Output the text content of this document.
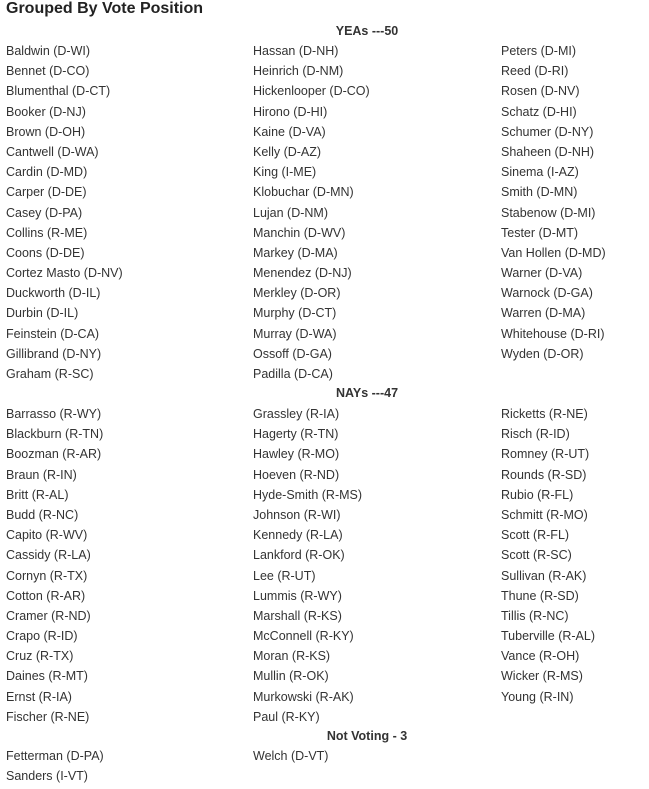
Grouped By Vote Position
YEAs ---50
Baldwin (D-WI)
Bennet (D-CO)
Blumenthal (D-CT)
Booker (D-NJ)
Brown (D-OH)
Cantwell (D-WA)
Cardin (D-MD)
Carper (D-DE)
Casey (D-PA)
Collins (R-ME)
Coons (D-DE)
Cortez Masto (D-NV)
Duckworth (D-IL)
Durbin (D-IL)
Feinstein (D-CA)
Gillibrand (D-NY)
Graham (R-SC)
Hassan (D-NH)
Heinrich (D-NM)
Hickenlooper (D-CO)
Hirono (D-HI)
Kaine (D-VA)
Kelly (D-AZ)
King (I-ME)
Klobuchar (D-MN)
Lujan (D-NM)
Manchin (D-WV)
Markey (D-MA)
Menendez (D-NJ)
Merkley (D-OR)
Murphy (D-CT)
Murray (D-WA)
Ossoff (D-GA)
Padilla (D-CA)
Peters (D-MI)
Reed (D-RI)
Rosen (D-NV)
Schatz (D-HI)
Schumer (D-NY)
Shaheen (D-NH)
Sinema (I-AZ)
Smith (D-MN)
Stabenow (D-MI)
Tester (D-MT)
Van Hollen (D-MD)
Warner (D-VA)
Warnock (D-GA)
Warren (D-MA)
Whitehouse (D-RI)
Wyden (D-OR)
NAYs ---47
Barrasso (R-WY)
Blackburn (R-TN)
Boozman (R-AR)
Braun (R-IN)
Britt (R-AL)
Budd (R-NC)
Capito (R-WV)
Cassidy (R-LA)
Cornyn (R-TX)
Cotton (R-AR)
Cramer (R-ND)
Crapo (R-ID)
Cruz (R-TX)
Daines (R-MT)
Ernst (R-IA)
Fischer (R-NE)
Grassley (R-IA)
Hagerty (R-TN)
Hawley (R-MO)
Hoeven (R-ND)
Hyde-Smith (R-MS)
Johnson (R-WI)
Kennedy (R-LA)
Lankford (R-OK)
Lee (R-UT)
Lummis (R-WY)
Marshall (R-KS)
McConnell (R-KY)
Moran (R-KS)
Mullin (R-OK)
Murkowski (R-AK)
Paul (R-KY)
Ricketts (R-NE)
Risch (R-ID)
Romney (R-UT)
Rounds (R-SD)
Rubio (R-FL)
Schmitt (R-MO)
Scott (R-FL)
Scott (R-SC)
Sullivan (R-AK)
Thune (R-SD)
Tillis (R-NC)
Tuberville (R-AL)
Vance (R-OH)
Wicker (R-MS)
Young (R-IN)
Not Voting - 3
Fetterman (D-PA)
Sanders (I-VT)
Welch (D-VT)
